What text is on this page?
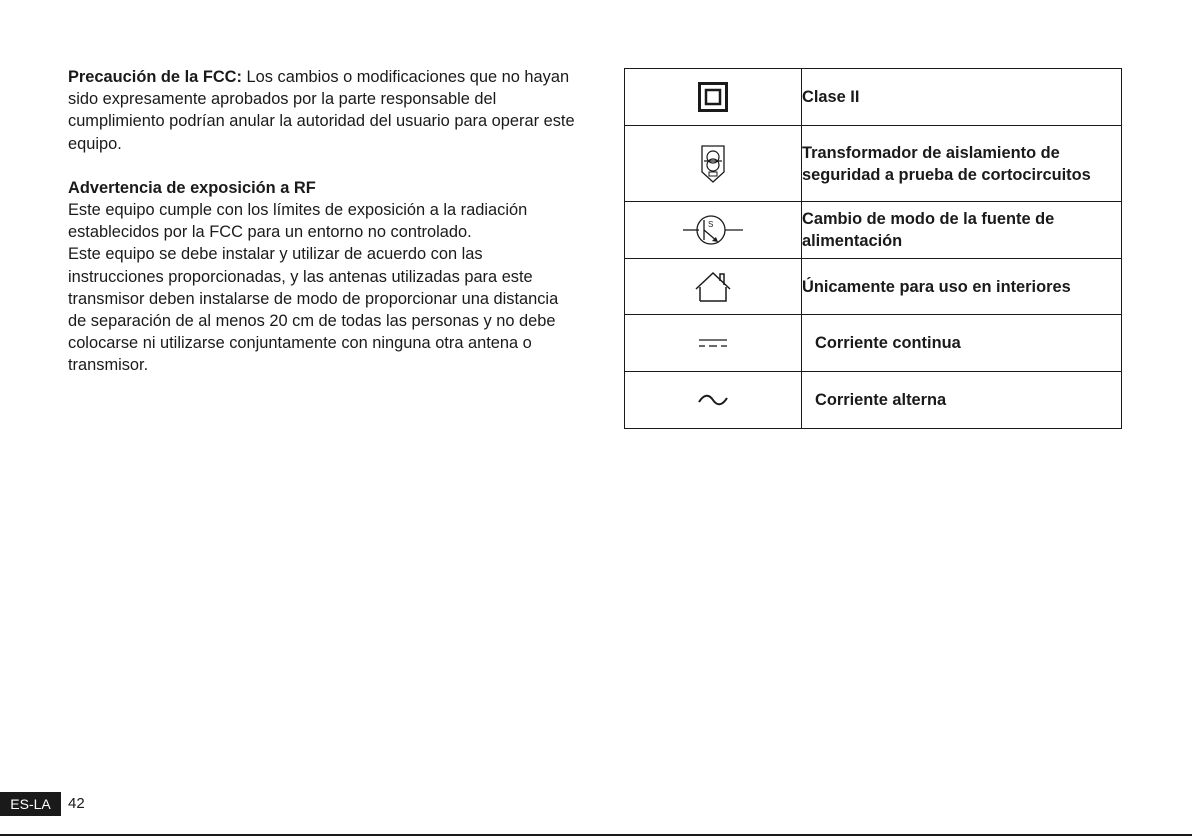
Precaución de la FCC: Los cambios o modificaciones que no hayan sido expresamente aprobados por la parte responsable del cumplimiento podrían anular la autoridad del usuario para operar este equipo.

Advertencia de exposición a RF

Este equipo cumple con los límites de exposición a la radiación establecidos por la FCC para un entorno no controlado.

Este equipo se debe instalar y utilizar de acuerdo con las instrucciones proporcionadas, y las antenas utilizadas para este transmisor deben instalarse de modo de proporcionar una distancia de separación de al menos 20 cm de todas las personas y no debe colocarse ni utilizarse conjuntamente con ninguna otra antena o transmisor.

	Clase II

	Transformador de aislamiento de seguridad a prueba de cortocircuitos

S	Cambio de modo de la fuente de alimentación

	Únicamente para uso en interiores

	Corriente continua

	Corriente alterna
ES-LA	42
